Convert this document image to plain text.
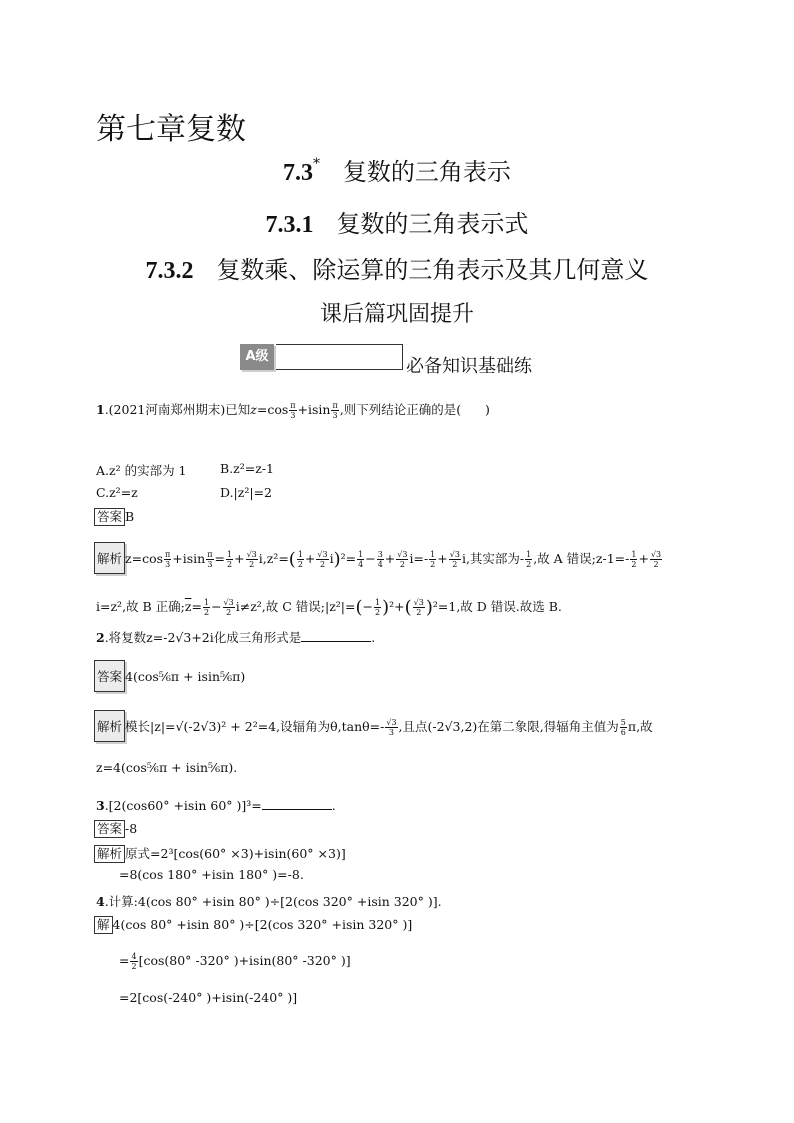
第七章复数
7.3* 复数的三角表示
7.3.1 复数的三角表示式
7.3.2 复数乘、除运算的三角表示及其几何意义
课后篇巩固提升
A级	必备知识基础练
1.(2021河南郑州期末)已知$z=\cos \frac{\pi}{3} +isin \frac{\pi}{3}$ ,则下列结论正确的是( )
A.z² 的实部为 1	B.z²=z-1
C.z²=z	D.|z²|=2
答案 B
解析 $z=\cos \frac{\pi}{3} +isin \frac{\pi}{3} = \frac{1}{2} + \frac{√3}{2} i,z^2=( \frac{1}{2} + \frac{√3}{2} i)^2= \frac{1}{4} - \frac{3}{4} + \frac{√3}{2} i=- \frac{1}{2} + \frac{√3}{2} i$,其实部为- $\frac{1}{2}$ ,故 A 错误;z-1=- $\frac{1}{2} + \frac{√3}{2}$
i=z²,故 B 正确$;\overline{z}= \frac{1}{2} - \frac{√3}{2} i\ne z^2$,故 C 错误;|z²|=(− $\frac{1}{2} )^2+( \frac{√3}{2} )^2=1$,故 D 错误.故选 B.
2.将复数z=-2√3+2i化成三角形式是	.
答案 4(cos⁵⁄₆π + isin⁵⁄₆π)
解析 模长|z|=√(-2√3)² + 2²=4,设辐角为$\theta,\tan\theta=- \frac{√3}{3}$ ,且点(-2√3,2)在第二象限,得辐角主值为 $\frac{5}{6} \pi$,故
z=4(cos⁵⁄₆π + isin⁵⁄₆π).
3.[2(cos60° +isin 60° )]³=	.
答案 -8
解析 原式=2³[cos(60° ×3)+isin(60° ×3)]
=8(cos 180° +isin 180° )=-8.
4.计算:4(cos 80° +isin 80° )÷[2(cos 320° +isin 320° )].
解 4(cos 80° +isin 80° )÷[2(cos 320° +isin 320° )]
= $\frac{4}{2} [\cos(80^\circ$ -320° )+isin(80° -320° )]
=2[cos(-240° )+isin(-240° )]
